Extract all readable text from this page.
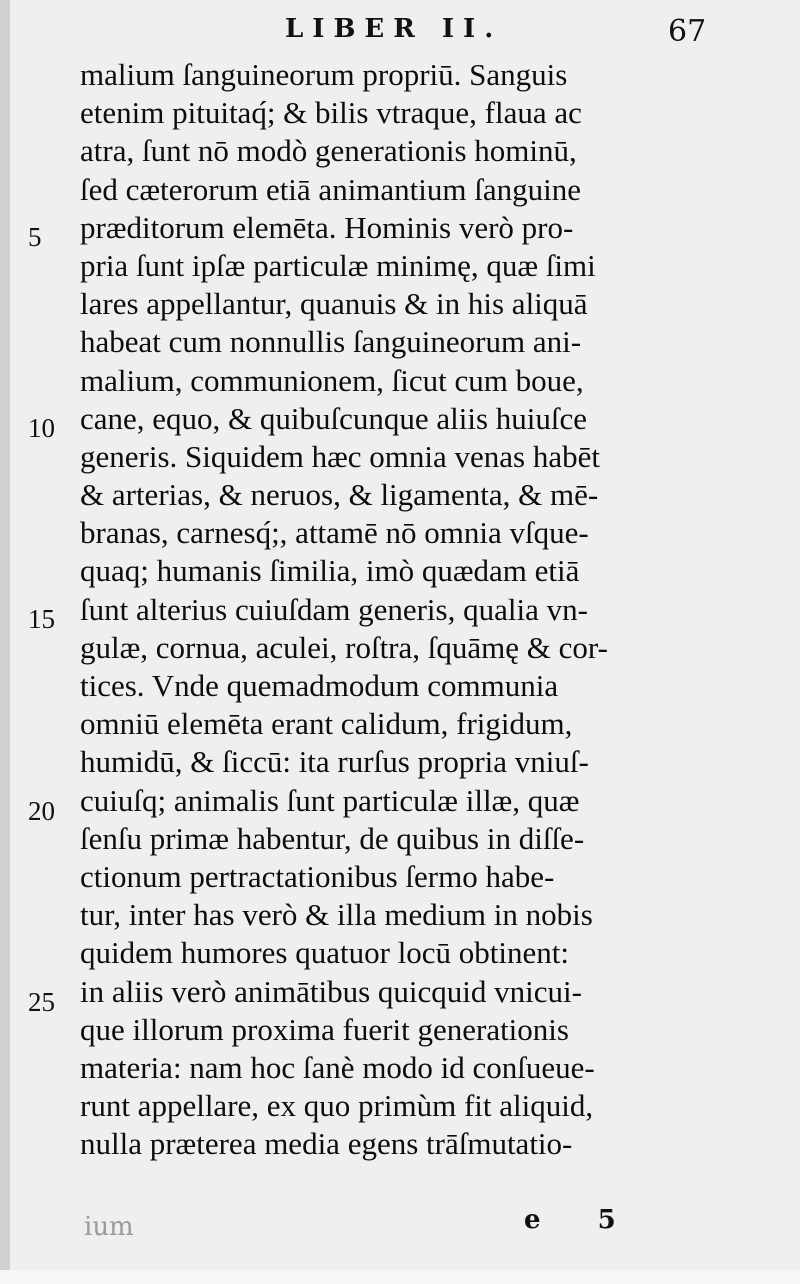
LIBER II.	67
malium ſanguineorum propriū. Sanguis
etenim pituitaq́; & bilis vtraque, flaua ac
atra, ſunt nō modò generationis hominū,
ſed cæterorum etiā animantium ſanguine
præditorum elemēta. Hominis verò pro-
pria ſunt ipſæ particulæ minimę, quæ ſimi
lares appellantur, quanuis & in his aliquā
habeat cum nonnullis ſanguineorum ani-
malium, communionem, ſicut cum boue,
cane, equo, & quibuſcunque aliis huiuſce
generis. Siquidem hæc omnia venas habēt
& arterias, & neruos, & ligamenta, & mē-
branas, carnesq́;, attamē nō omnia vſque-
quaq; humanis ſimilia, imò quædam etiā
ſunt alterius cuiuſdam generis, qualia vn-
gulæ, cornua, aculei, roſtra, ſquāmę & cor-
tices. Vnde quemadmodum communia
omniū elemēta erant calidum, frigidum,
humidū, & ſiccū: ita rurſus propria vniuſ-
cuiuſq; animalis ſunt particulæ illæ, quæ
ſenſu primæ habentur, de quibus in diſſe-
ctionum pertractationibus ſermo habe-
tur, inter has verò & illa medium in nobis
quidem humores quatuor locū obtinent:
in aliis verò animātibus quicquid vnicui-
que illorum proxima fuerit generationis
materia: nam hoc ſanè modo id conſueue-
runt appellare, ex quo primùm fit aliquid,
nulla præterea media egens trāſmutatio-
5
10
15
20
25
ium	e 5
